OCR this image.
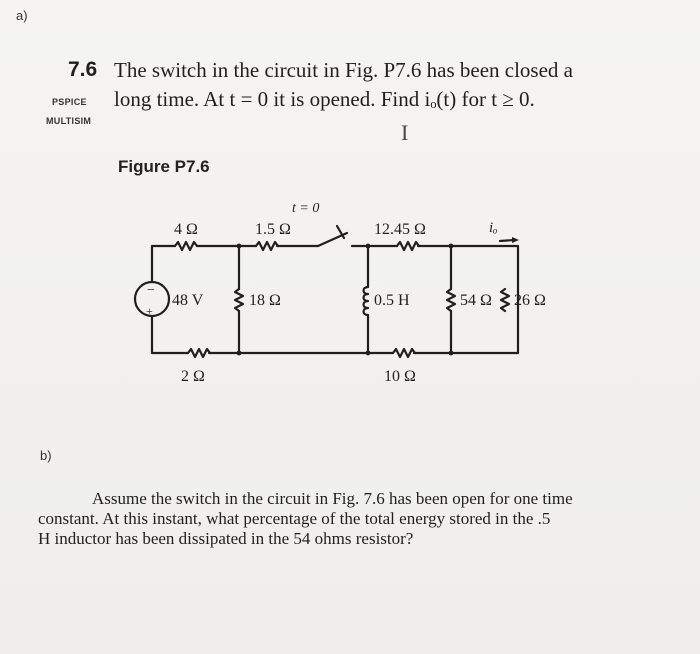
a)
7.6 The switch in the circuit in Fig. P7.6 has been closed a
long time. At t = 0 it is opened. Find iₒ(t) for t ≥ 0.
PSPICE
MULTISIM	I
Figure P7.6
t = 0
4 Ω	1.5 Ω	12.45 Ω	iₒ
−
+
48 V	18 Ω	0.5 H	54 Ω 26 Ω
2 Ω	10 Ω
b)
Assume the switch in the circuit in Fig. 7.6 has been open for one time
constant. At this instant, what percentage of the total energy stored in the .5
H inductor has been dissipated in the 54 ohms resistor?
